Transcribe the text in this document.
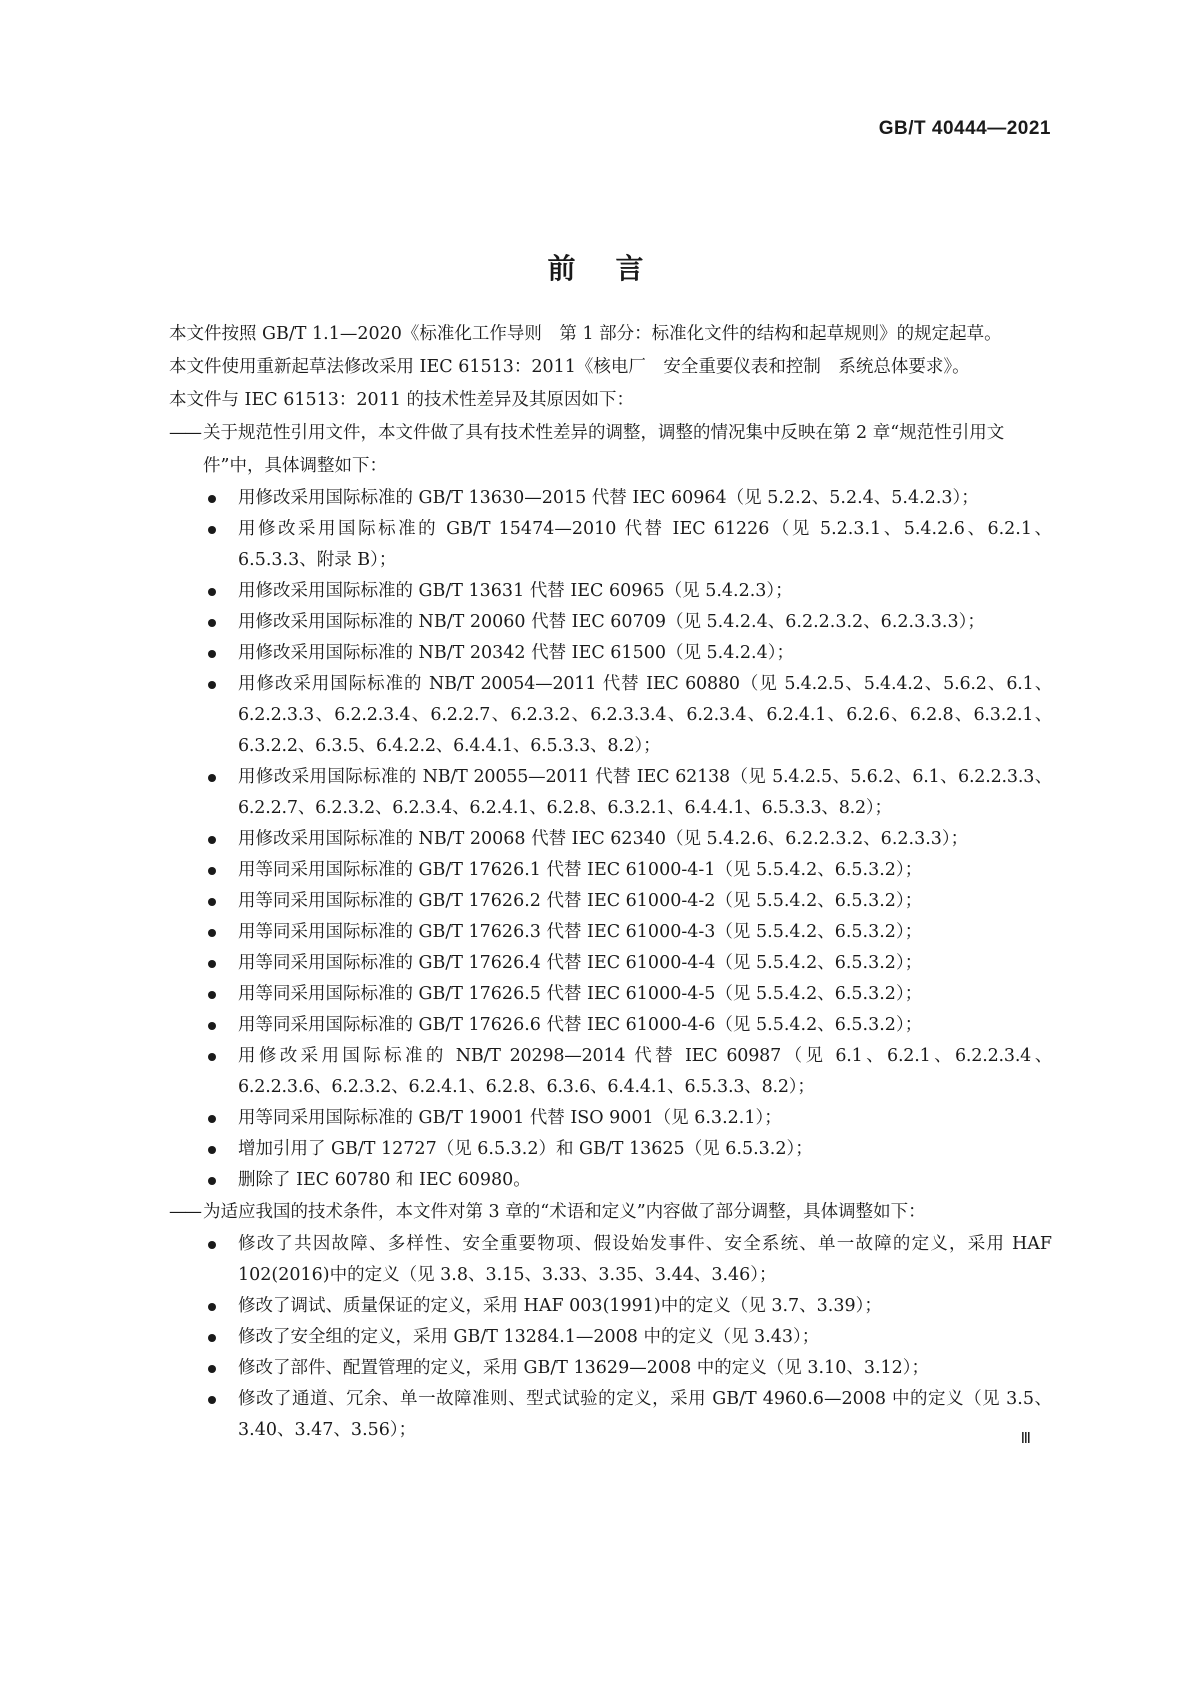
GB/T 40444—2021
前言

本文件按照 GB/T 1.1—2020《标准化工作导则　第 1 部分：标准化文件的结构和起草规则》的规定起草。

本文件使用重新起草法修改采用 IEC 61513：2011《核电厂　安全重要仪表和控制　系统总体要求》。

本文件与 IEC 61513：2011 的技术性差异及其原因如下：

—— 关于规范性引用文件，本文件做了具有技术性差异的调整，调整的情况集中反映在第 2 章“规范性引用文件”中，具体调整如下：

用修改采用国际标准的 GB/T 13630—2015 代替 IEC 60964（见 5.2.2、5.2.4、5.4.2.3）；
用修改采用国际标准的 GB/T 15474—2010 代替 IEC 61226（见 5.2.3.1、5.4.2.6、6.2.1、6.5.3.3、附录 B）；
用修改采用国际标准的 GB/T 13631 代替 IEC 60965（见 5.4.2.3）；
用修改采用国际标准的 NB/T 20060 代替 IEC 60709（见 5.4.2.4、6.2.2.3.2、6.2.3.3.3）；
用修改采用国际标准的 NB/T 20342 代替 IEC 61500（见 5.4.2.4）；
用修改采用国际标准的 NB/T 20054—2011 代替 IEC 60880（见 5.4.2.5、5.4.4.2、5.6.2、6.1、6.2.2.3.3、6.2.2.3.4、6.2.2.7、6.2.3.2、6.2.3.3.4、6.2.3.4、6.2.4.1、6.2.6、6.2.8、6.3.2.1、6.3.2.2、6.3.5、6.4.2.2、6.4.4.1、6.5.3.3、8.2）；
用修改采用国际标准的 NB/T 20055—2011 代替 IEC 62138（见 5.4.2.5、5.6.2、6.1、6.2.2.3.3、6.2.2.7、6.2.3.2、6.2.3.4、6.2.4.1、6.2.8、6.3.2.1、6.4.4.1、6.5.3.3、8.2）；
用修改采用国际标准的 NB/T 20068 代替 IEC 62340（见 5.4.2.6、6.2.2.3.2、6.2.3.3）；
用等同采用国际标准的 GB/T 17626.1 代替 IEC 61000-4-1（见 5.5.4.2、6.5.3.2）；
用等同采用国际标准的 GB/T 17626.2 代替 IEC 61000-4-2（见 5.5.4.2、6.5.3.2）；
用等同采用国际标准的 GB/T 17626.3 代替 IEC 61000-4-3（见 5.5.4.2、6.5.3.2）；
用等同采用国际标准的 GB/T 17626.4 代替 IEC 61000-4-4（见 5.5.4.2、6.5.3.2）；
用等同采用国际标准的 GB/T 17626.5 代替 IEC 61000-4-5（见 5.5.4.2、6.5.3.2）；
用等同采用国际标准的 GB/T 17626.6 代替 IEC 61000-4-6（见 5.5.4.2、6.5.3.2）；
用修改采用国际标准的 NB/T 20298—2014 代替 IEC 60987（见 6.1、6.2.1、6.2.2.3.4、6.2.2.3.6、6.2.3.2、6.2.4.1、6.2.8、6.3.6、6.4.4.1、6.5.3.3、8.2）；
用等同采用国际标准的 GB/T 19001 代替 ISO 9001（见 6.3.2.1）；
增加引用了 GB/T 12727（见 6.5.3.2）和 GB/T 13625（见 6.5.3.2）；
删除了 IEC 60780 和 IEC 60980。

—— 为适应我国的技术条件，本文件对第 3 章的“术语和定义”内容做了部分调整，具体调整如下：

修改了共因故障、多样性、安全重要物项、假设始发事件、安全系统、单一故障的定义，采用 HAF 102(2016)中的定义（见 3.8、3.15、3.33、3.35、3.44、3.46）；
修改了调试、质量保证的定义，采用 HAF 003(1991)中的定义（见 3.7、3.39）；
修改了安全组的定义，采用 GB/T 13284.1—2008 中的定义（见 3.43）；
修改了部件、配置管理的定义，采用 GB/T 13629—2008 中的定义（见 3.10、3.12）；
修改了通道、冗余、单一故障准则、型式试验的定义，采用 GB/T 4960.6—2008 中的定义（见 3.5、3.40、3.47、3.56）；	Ⅲ
